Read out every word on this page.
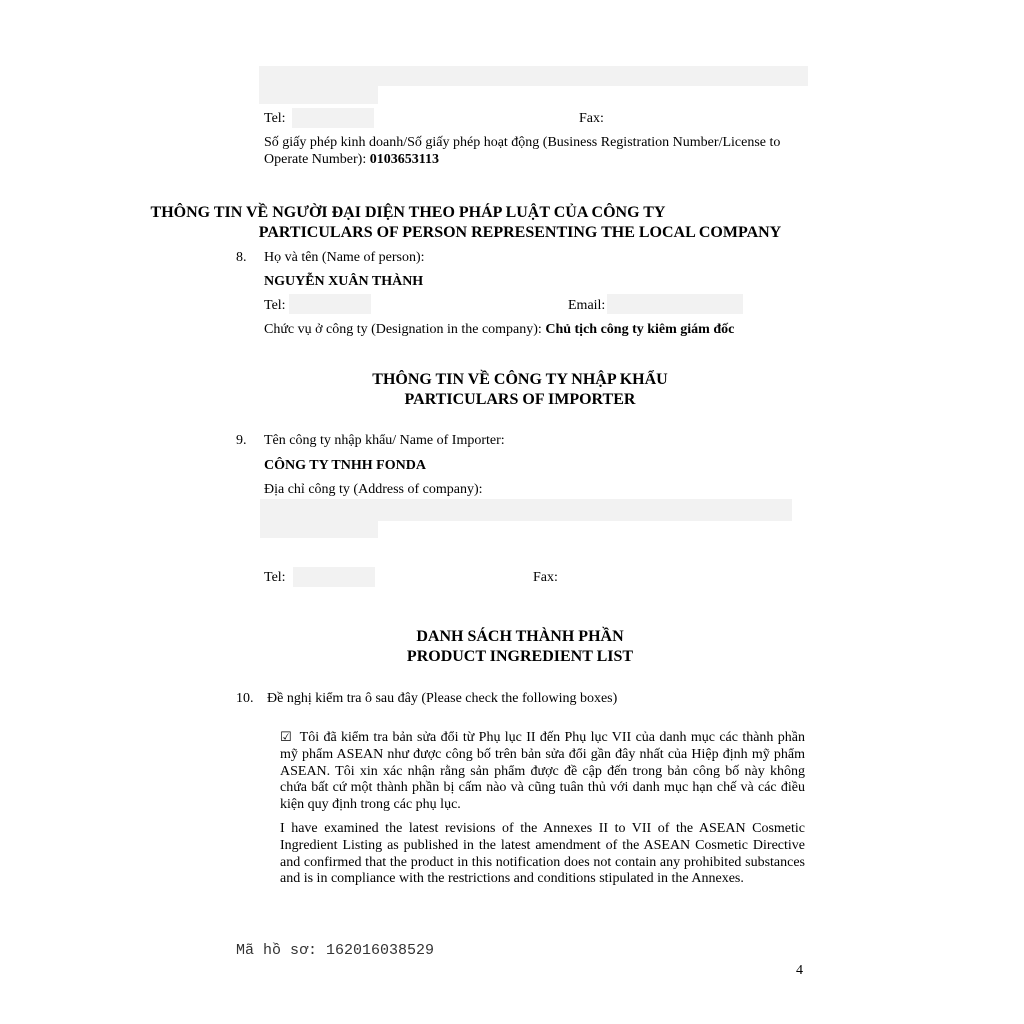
Tel:	Fax:
Số giấy phép kinh doanh/Số giấy phép hoạt động (Business Registration Number/License to
Operate Number): 0103653113
THÔNG TIN VỀ NGƯỜI ĐẠI DIỆN THEO PHÁP LUẬT CỦA CÔNG TY
PARTICULARS OF PERSON REPRESENTING THE LOCAL COMPANY
8. Họ và tên (Name of person):
NGUYỄN XUÂN THÀNH
Tel:	Email:
Chức vụ ở công ty (Designation in the company): Chủ tịch công ty kiêm giám đốc
THÔNG TIN VỀ CÔNG TY NHẬP KHẨU
PARTICULARS OF IMPORTER
9. Tên công ty nhập khẩu/ Name of Importer:
CÔNG TY TNHH FONDA
Địa chỉ công ty (Address of company):
Tel:	Fax:
DANH SÁCH THÀNH PHẦN
PRODUCT INGREDIENT LIST
10. Đề nghị kiểm tra ô sau đây (Please check the following boxes)
☑ Tôi đã kiểm tra bản sửa đổi từ Phụ lục II đến Phụ lục VII của danh mục các thành phần mỹ phẩm ASEAN như được công bố trên bản sửa đổi gần đây nhất của Hiệp định mỹ phẩm ASEAN. Tôi xin xác nhận rằng sản phẩm được đề cập đến trong bản công bố này không chứa bất cứ một thành phần bị cấm nào và cũng tuân thủ với danh mục hạn chế và các điều kiện quy định trong các phụ lục.
I have examined the latest revisions of the Annexes II to VII of the ASEAN Cosmetic Ingredient Listing as published in the latest amendment of the ASEAN Cosmetic Directive and confirmed that the product in this notification does not contain any prohibited substances and is in compliance with the restrictions and conditions stipulated in the Annexes.
Mã hồ sơ: 162016038529
4
